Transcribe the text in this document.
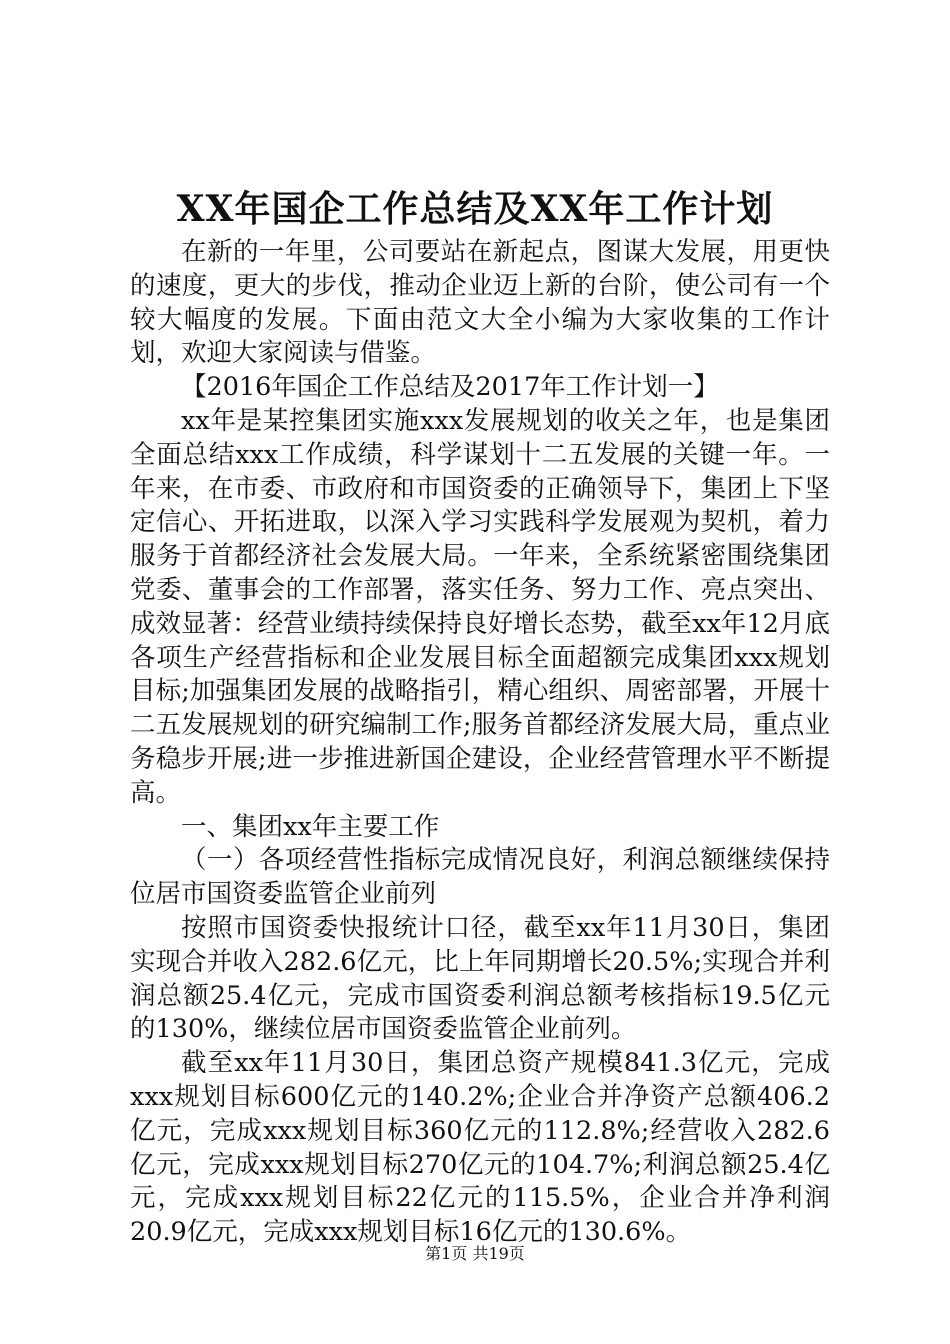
XX年国企工作总结及XX年工作计划

在新的一年里，公司要站在新起点，图谋大发展，用更快的速度，更大的步伐，推动企业迈上新的台阶，使公司有一个较大幅度的发展。下面由范文大全小编为大家收集的工作计划，欢迎大家阅读与借鉴。

【2016年国企工作总结及2017年工作计划一】

xx年是某控集团实施xxx发展规划的收关之年，也是集团全面总结xxx工作成绩，科学谋划十二五发展的关键一年。一年来，在市委、市政府和市国资委的正确领导下，集团上下坚定信心、开拓进取，以深入学习实践科学发展观为契机，着力服务于首都经济社会发展大局。一年来，全系统紧密围绕集团党委、董事会的工作部署，落实任务、努力工作、亮点突出、成效显著：经营业绩持续保持良好增长态势，截至xx年12月底各项生产经营指标和企业发展目标全面超额完成集团xxx规划目标;加强集团发展的战略指引，精心组织、周密部署，开展十二五发展规划的研究编制工作;服务首都经济发展大局，重点业务稳步开展;进一步推进新国企建设，企业经营管理水平不断提高。

一、集团xx年主要工作

（一）各项经营性指标完成情况良好，利润总额继续保持位居市国资委监管企业前列

按照市国资委快报统计口径，截至xx年11月30日，集团实现合并收入282.6亿元，比上年同期增长20.5%;实现合并利润总额25.4亿元，完成市国资委利润总额考核指标19.5亿元的130%，继续位居市国资委监管企业前列。

截至xx年11月30日，集团总资产规模841.3亿元，完成xxx规划目标600亿元的140.2%;企业合并净资产总额406.2亿元，完成xxx规划目标360亿元的112.8%;经营收入282.6亿元，完成xxx规划目标270亿元的104.7%;利润总额25.4亿元，完成xxx规划目标22亿元的115.5%，企业合并净利润20.9亿元，完成xxx规划目标16亿元的130.6%。

第1页 共19页
